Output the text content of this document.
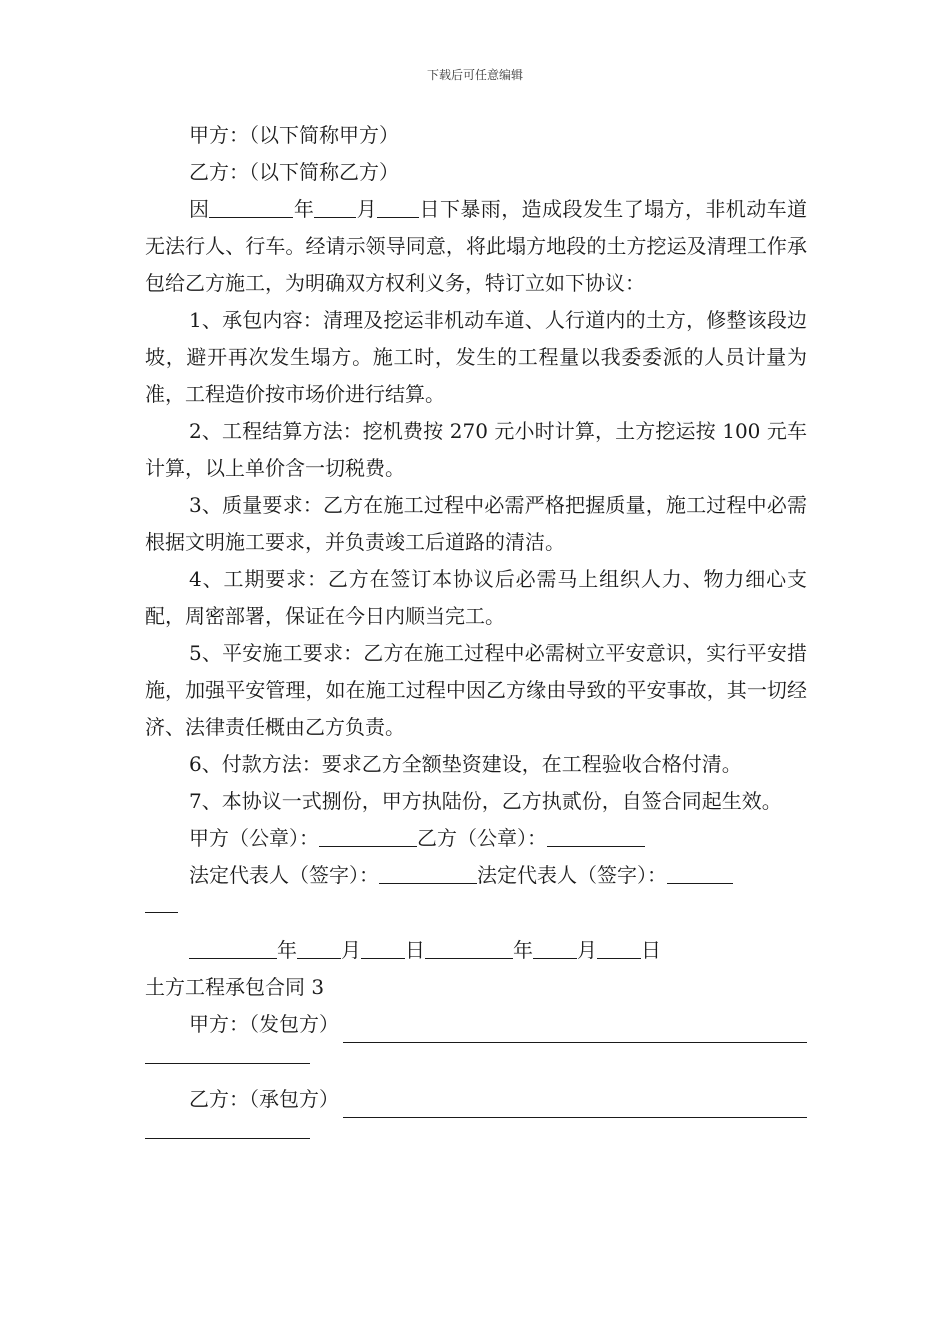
下载后可任意编辑

甲方：（以下简称甲方）

乙方：（以下简称乙方）

因	年 月 日下暴雨，造成段发生了塌方，非机动车道无法行人、行车。经请示领导同意，将此塌方地段的土方挖运及清理工作承包给乙方施工，为明确双方权利义务，特订立如下协议：

1、承包内容：清理及挖运非机动车道、人行道内的土方，修整该段边坡，避开再次发生塌方。施工时，发生的工程量以我委委派的人员计量为准，工程造价按市场价进行结算。

2、工程结算方法：挖机费按 270 元小时计算，土方挖运按 100 元车计算，以上单价含一切税费。

3、质量要求：乙方在施工过程中必需严格把握质量，施工过程中必需根据文明施工要求，并负责竣工后道路的清洁。

4、工期要求：乙方在签订本协议后必需马上组织人力、物力细心支配，周密部署，保证在今日内顺当完工。

5、平安施工要求：乙方在施工过程中必需树立平安意识，实行平安措施，加强平安管理，如在施工过程中因乙方缘由导致的平安事故，其一切经济、法律责任概由乙方负责。

6、付款方法：要求乙方全额垫资建设，在工程验收合格付清。

7、本协议一式捌份，甲方执陆份，乙方执贰份，自签合同起生效。

甲方（公章）：	乙方（公章）：

法定代表人（签字）：	法定代表人（签字）：

年 月 日	年 月 日

土方工程承包合同 3

甲方：（发包方）
乙方：（承包方）
